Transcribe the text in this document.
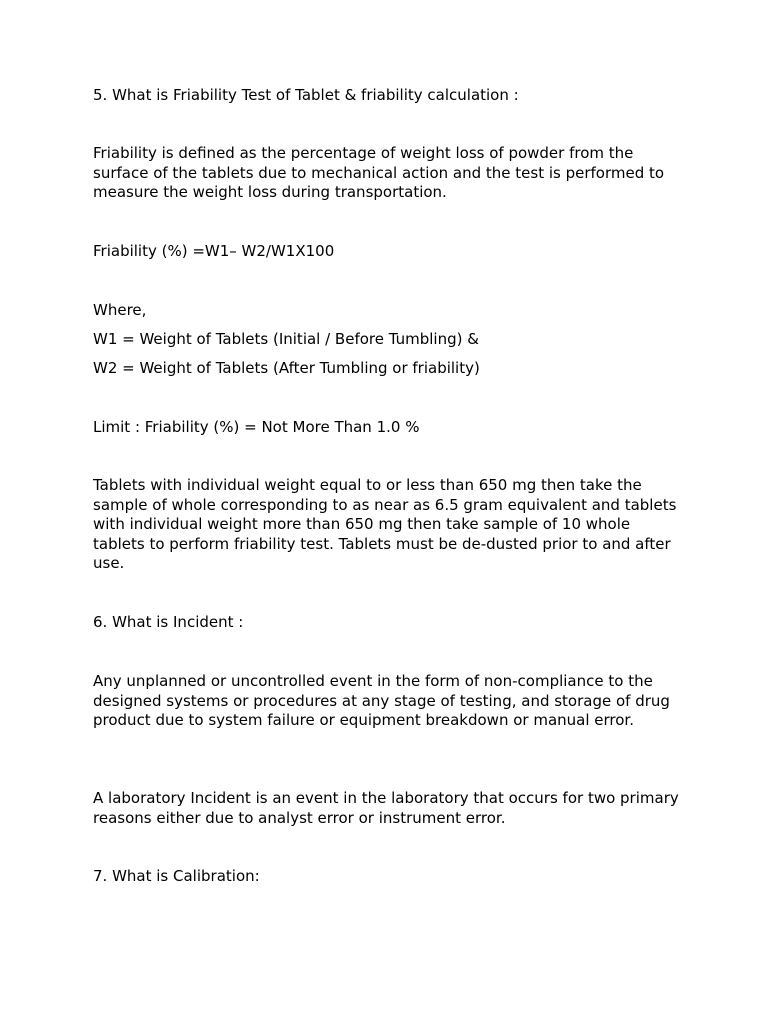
5. What is Friability Test of Tablet & friability calculation :

Friability is defined as the percentage of weight loss of powder from the surface of the tablets due to mechanical action and the test is performed to measure the weight loss during transportation.

Friability (%) =W1– W2/W1X100

Where,

W1 = Weight of Tablets (Initial / Before Tumbling) &

W2 = Weight of Tablets (After Tumbling or friability)

Limit : Friability (%) = Not More Than 1.0 %

Tablets with individual weight equal to or less than 650 mg then take the sample of whole corresponding to as near as 6.5 gram equivalent and tablets with individual weight more than 650 mg then take sample of 10 whole tablets to perform friability test. Tablets must be de-dusted prior to and after use.

6. What is Incident :

Any unplanned or uncontrolled event in the form of non-compliance to the designed systems or procedures at any stage of testing, and storage of drug product due to system failure or equipment breakdown or manual error.

A laboratory Incident is an event in the laboratory that occurs for two primary reasons either due to analyst error or instrument error.

7. What is Calibration:
